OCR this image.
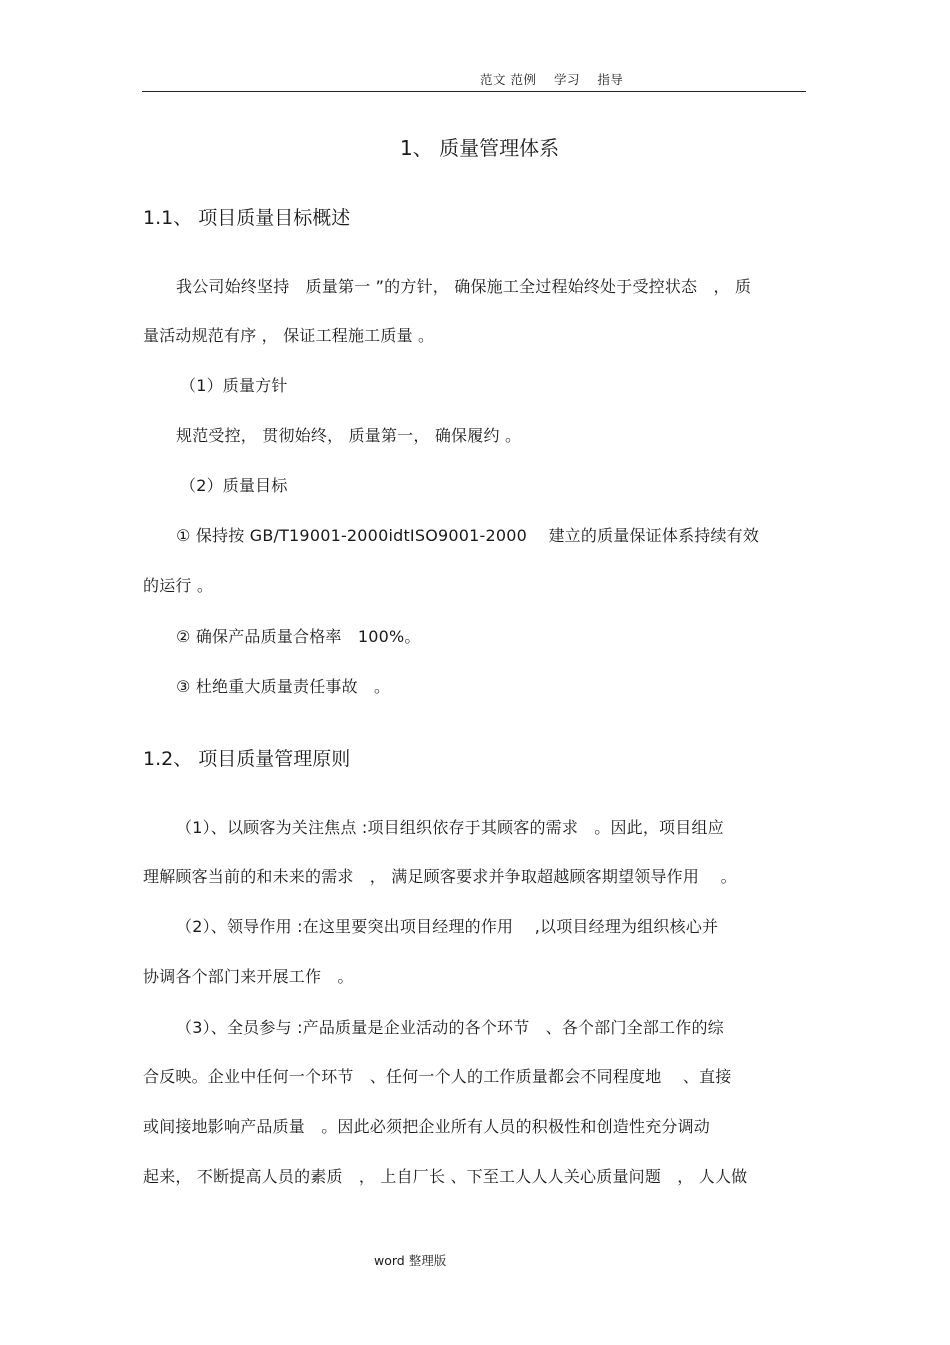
范文 范例　 学习　 指导
1、 质量管理体系
1.1、 项目质量目标概述
我公司始终坚持　质量第一 ”的方针， 确保施工全过程始终处于受控状态　， 质
量活动规范有序 ， 保证工程施工质量 。
（1）质量方针
规范受控， 贯彻始终， 质量第一， 确保履约 。
（2）质量目标
① 保持按 GB/T19001-2000idtISO9001-2000　 建立的质量保证体系持续有效
的运行 。
② 确保产品质量合格率　100%。
③ 杜绝重大质量责任事故　。
1.2、 项目质量管理原则
（1）、以顾客为关注焦点 :项目组织依存于其顾客的需求　。因此，项目组应
理解顾客当前的和未来的需求　， 满足顾客要求并争取超越顾客期望领导作用　 。
（2）、领导作用 :在这里要突出项目经理的作用　 ,以项目经理为组织核心并
协调各个部门来开展工作　。
（3）、全员参与 :产品质量是企业活动的各个环节　、各个部门全部工作的综
合反映。企业中任何一个环节　、任何一个人的工作质量都会不同程度地　 、直接
或间接地影响产品质量　。因此必须把企业所有人员的积极性和创造性充分调动
起来， 不断提高人员的素质　， 上自厂长 、下至工人人人关心质量问题　， 人人做
word 整理版
